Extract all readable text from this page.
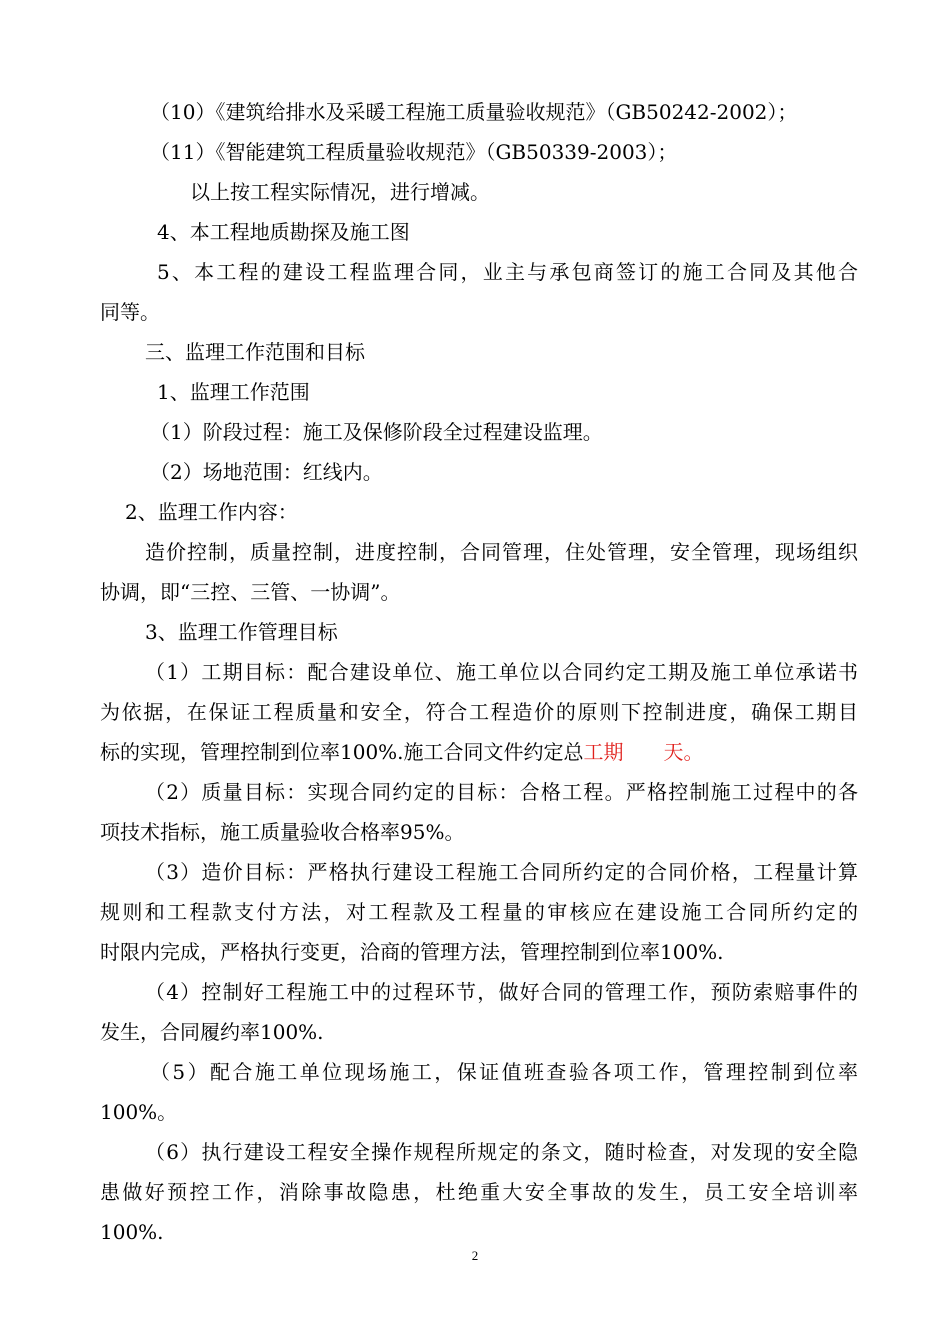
（10）《建筑给排水及采暖工程施工质量验收规范》（GB50242-2002）；
（11）《智能建筑工程质量验收规范》（GB50339-2003）；
以上按工程实际情况，进行增减。
4、本工程地质勘探及施工图
5、本工程的建设工程监理合同，业主与承包商签订的施工合同及其他合
同等。
三、监理工作范围和目标
1、监理工作范围
（1）阶段过程：施工及保修阶段全过程建设监理。
（2）场地范围：红线内。
2、监理工作内容：
造价控制，质量控制，进度控制，合同管理，住处管理，安全管理，现场组织
协调，即“三控、三管、一协调”。
3、监理工作管理目标
（1）工期目标：配合建设单位、施工单位以合同约定工期及施工单位承诺书
为依据，在保证工程质量和安全，符合工程造价的原则下控制进度，确保工期目
标的实现，管理控制到位率100%.施工合同文件约定总工期 天。
（2）质量目标：实现合同约定的目标：合格工程。严格控制施工过程中的各
项技术指标，施工质量验收合格率95%。
（3）造价目标：严格执行建设工程施工合同所约定的合同价格，工程量计算
规则和工程款支付方法，对工程款及工程量的审核应在建设施工合同所约定的
时限内完成，严格执行变更，洽商的管理方法，管理控制到位率100%.
（4）控制好工程施工中的过程环节，做好合同的管理工作，预防索赔事件的
发生，合同履约率100%.
（5）配合施工单位现场施工，保证值班查验各项工作，管理控制到位率
100%。
（6）执行建设工程安全操作规程所规定的条文，随时检查，对发现的安全隐
患做好预控工作，消除事故隐患，杜绝重大安全事故的发生，员工安全培训率
100%.
2
